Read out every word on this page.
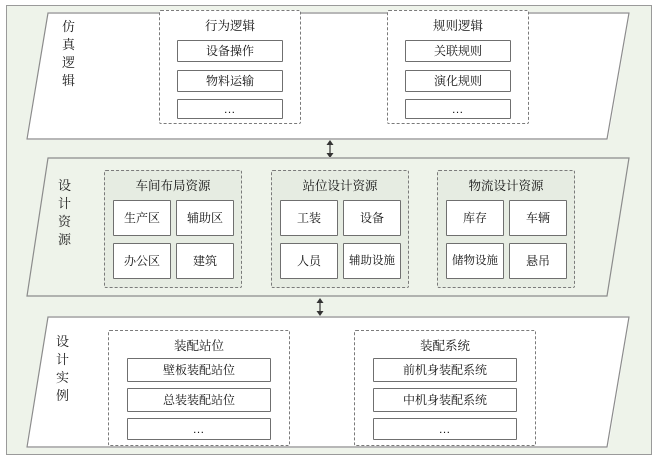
仿
真
逻
辑
行为逻辑
设备操作
物料运输
…
规则逻辑
关联规则
演化规则
…
设
计
资
源
车间布局资源
生产区	辅助区
办公区	建筑
站位设计资源
工装	设备
人员	辅助设施
物流设计资源
库存	车辆
储物设施	悬吊
设
计
实
例
装配站位
壁板装配站位
总装装配站位
…
装配系统
前机身装配系统
中机身装配系统
…
